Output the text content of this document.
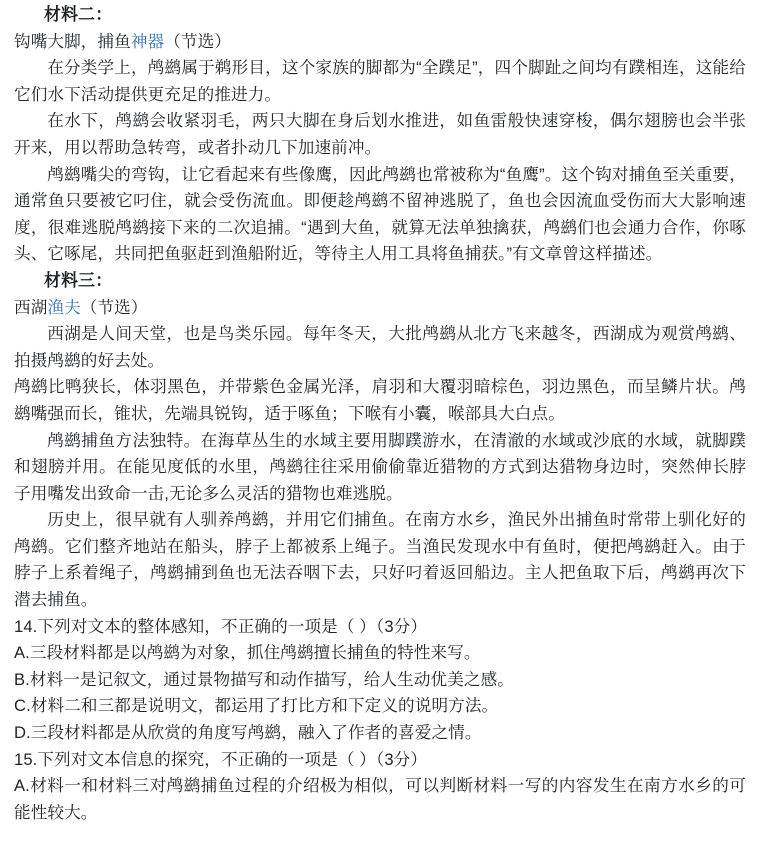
材料二：

钩嘴大脚，捕鱼神器（节选）

在分类学上，鸬鹚属于鹈形目，这个家族的脚都为“全蹼足”，四个脚趾之间均有蹼相连，这能给它们水下活动提供更充足的推进力。

在水下，鸬鹚会收紧羽毛，两只大脚在身后划水推进，如鱼雷般快速穿梭，偶尔翅膀也会半张开来，用以帮助急转弯，或者扑动几下加速前冲。

鸬鹚嘴尖的弯钩，让它看起来有些像鹰，因此鸬鹚也常被称为“鱼鹰”。这个钩对捕鱼至关重要，通常鱼只要被它叼住，就会受伤流血。即便趁鸬鹚不留神逃脱了，鱼也会因流血受伤而大大影响速度，很难逃脱鸬鹚接下来的二次追捕。“遇到大鱼，就算无法单独擒获，鸬鹚们也会通力合作，你啄头、它啄尾，共同把鱼驱赶到渔船附近，等待主人用工具将鱼捕获。”有文章曾这样描述。

材料三：

西湖渔夫（节选）

西湖是人间天堂，也是鸟类乐园。每年冬天，大批鸬鹚从北方飞来越冬，西湖成为观赏鸬鹚、拍摄鸬鹚的好去处。

鸬鹚比鸭狭长，体羽黑色，并带紫色金属光泽，肩羽和大覆羽暗棕色，羽边黑色，而呈鳞片状。鸬鹚嘴强而长，锥状，先端具锐钩，适于啄鱼；下喉有小囊，喉部具大白点。

鸬鹚捕鱼方法独特。在海草丛生的水域主要用脚蹼游水，在清澈的水域或沙底的水域，就脚蹼和翅膀并用。在能见度低的水里，鸬鹚往往采用偷偷靠近猎物的方式到达猎物身边时，突然伸长脖子用嘴发出致命一击,无论多么灵活的猎物也难逃脱。

历史上，很早就有人驯养鸬鹚，并用它们捕鱼。在南方水乡，渔民外出捕鱼时常带上驯化好的鸬鹚。它们整齐地站在船头，脖子上都被系上绳子。当渔民发现水中有鱼时，便把鸬鹚赶入。由于脖子上系着绳子，鸬鹚捕到鱼也无法吞咽下去，只好叼着返回船边。主人把鱼取下后，鸬鹚再次下潜去捕鱼。

14.下列对文本的整体感知，不正确的一项是（ ）（3分）

A.三段材料都是以鸬鹚为对象，抓住鸬鹚擅长捕鱼的特性来写。

B.材料一是记叙文，通过景物描写和动作描写，给人生动优美之感。

C.材料二和三都是说明文，都运用了打比方和下定义的说明方法。

D.三段材料都是从欣赏的角度写鸬鹚，融入了作者的喜爱之情。

15.下列对文本信息的探究，不正确的一项是（ ）（3分）

A.材料一和材料三对鸬鹚捕鱼过程的介绍极为相似，可以判断材料一写的内容发生在南方水乡的可能性较大。
